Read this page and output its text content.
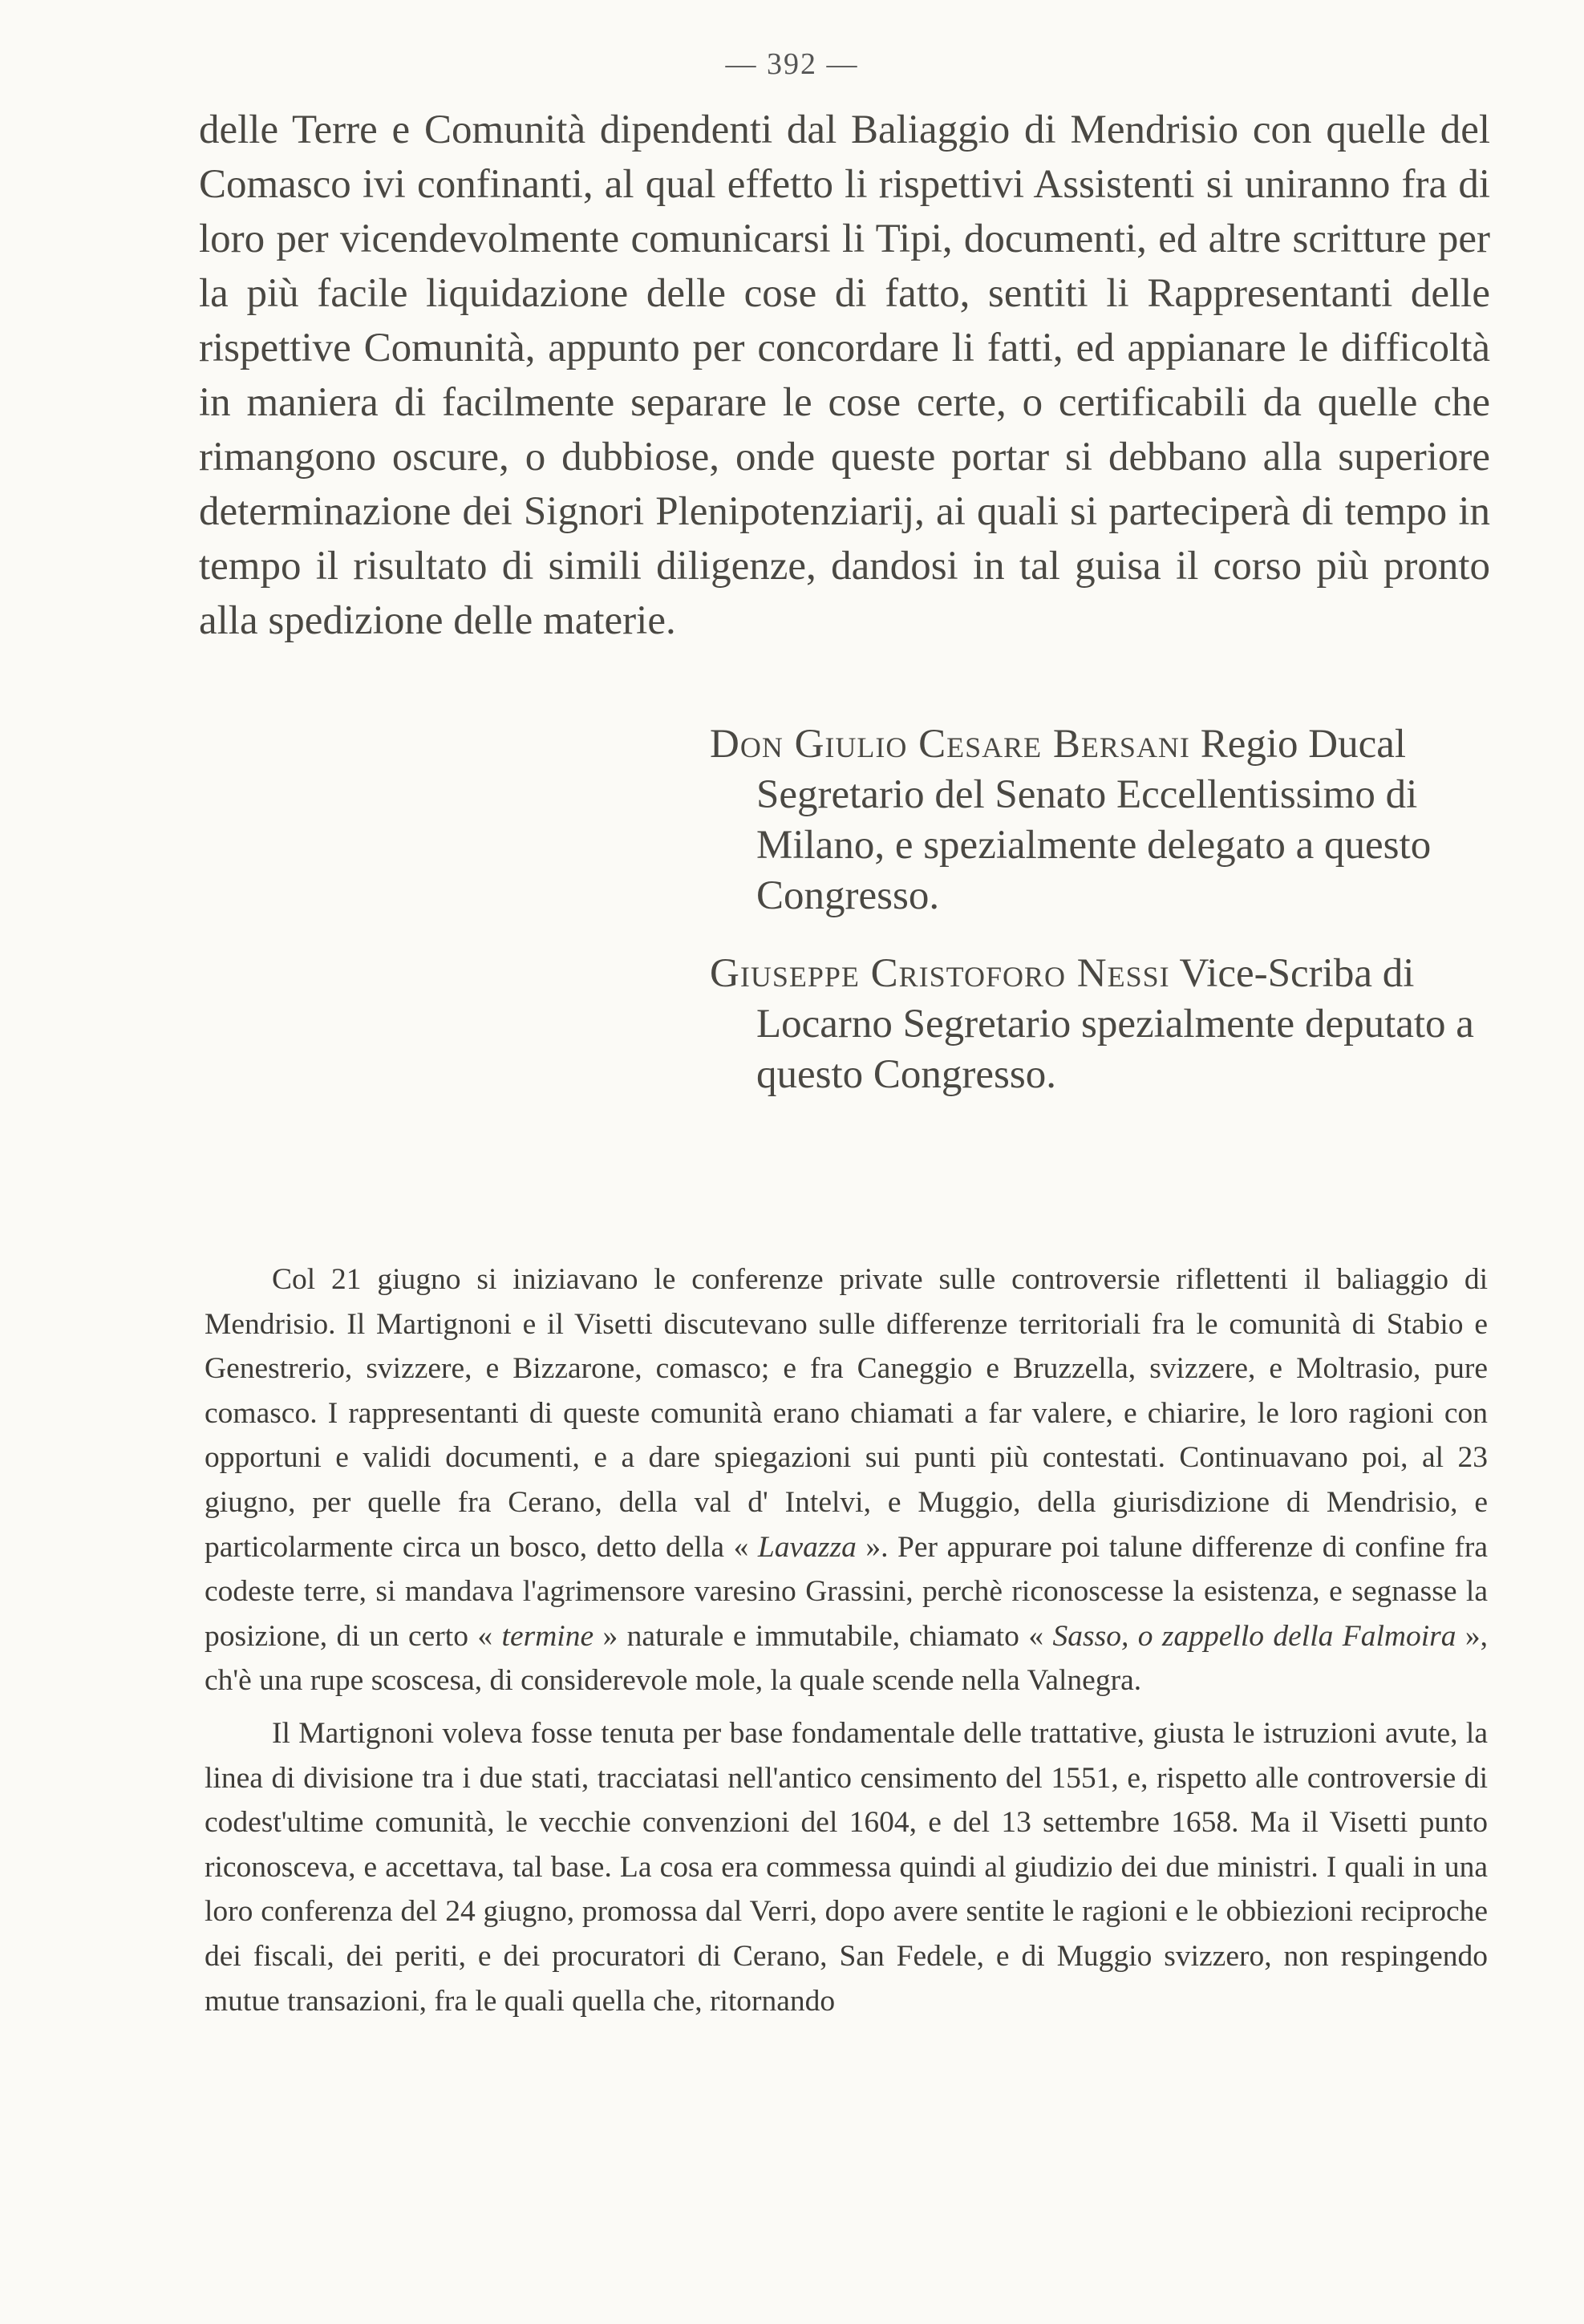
— 392 —
delle Terre e Comunità dipendenti dal Baliaggio di Mendrisio con quelle del Comasco ivi confinanti, al qual effetto li rispettivi Assistenti si uniranno fra di loro per vicendevolmente comunicarsi li Tipi, documenti, ed altre scritture per la più facile liquidazione delle cose di fatto, sentiti li Rappresentanti delle rispettive Comunità, appunto per concordare li fatti, ed appianare le difficoltà in maniera di facilmente separare le cose certe, o certificabili da quelle che rimangono oscure, o dubbiose, onde queste portar si debbano alla superiore determinazione dei Signori Plenipotenziarij, ai quali si parteciperà di tempo in tempo il risultato di simili diligenze, dandosi in tal guisa il corso più pronto alla spedizione delle materie.

Don Giulio Cesare Bersani Regio Ducal Segretario del Senato Eccellentissimo di Milano, e spezialmente delegato a questo Congresso.

Giuseppe Cristoforo Nessi Vice-Scriba di Locarno Segretario spezialmente deputato a questo Congresso.

Col 21 giugno si iniziavano le conferenze private sulle controversie riflettenti il baliaggio di Mendrisio. Il Martignoni e il Visetti discutevano sulle differenze territoriali fra le comunità di Stabio e Genestrerio, svizzere, e Bizzarone, comasco; e fra Caneggio e Bruzzella, svizzere, e Moltrasio, pure comasco. I rappresentanti di queste comunità erano chiamati a far valere, e chiarire, le loro ragioni con opportuni e validi documenti, e a dare spiegazioni sui punti più contestati. Continuavano poi, al 23 giugno, per quelle fra Cerano, della val d' Intelvi, e Muggio, della giurisdizione di Mendrisio, e particolarmente circa un bosco, detto della « Lavazza ». Per appurare poi talune differenze di confine fra codeste terre, si mandava l'agrimensore varesino Grassini, perchè riconoscesse la esistenza, e segnasse la posizione, di un certo « termine » naturale e immutabile, chiamato « Sasso, o zappello della Falmoira », ch'è una rupe scoscesa, di considerevole mole, la quale scende nella Valnegra.

Il Martignoni voleva fosse tenuta per base fondamentale delle trattative, giusta le istruzioni avute, la linea di divisione tra i due stati, tracciatasi nell'antico censimento del 1551, e, rispetto alle controversie di codest'ultime comunità, le vecchie convenzioni del 1604, e del 13 settembre 1658. Ma il Visetti punto riconosceva, e accettava, tal base. La cosa era commessa quindi al giudizio dei due ministri. I quali in una loro conferenza del 24 giugno, promossa dal Verri, dopo avere sentite le ragioni e le obbiezioni reciproche dei fiscali, dei periti, e dei procuratori di Cerano, San Fedele, e di Muggio svizzero, non respingendo mutue transazioni, fra le quali quella che, ritornando
